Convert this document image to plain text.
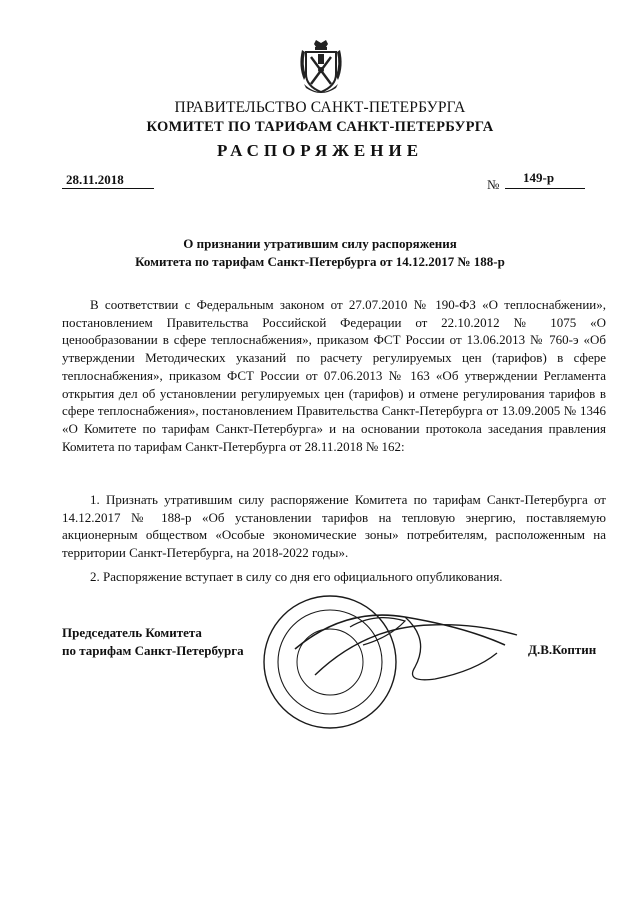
ПРАВИТЕЛЬСТВО САНКТ-ПЕТЕРБУРГА
КОМИТЕТ ПО ТАРИФАМ САНКТ-ПЕТЕРБУРГА
РАСПОРЯЖЕНИЕ
28.11.2018	№ 149-р
О признании утратившим силу распоряжения
Комитета по тарифам Санкт-Петербурга от 14.12.2017 № 188-р
В соответствии с Федеральным законом от 27.07.2010 № 190-ФЗ «О теплоснабжении», постановлением Правительства Российской Федерации от 22.10.2012 № 1075 «О ценообразовании в сфере теплоснабжения», приказом ФСТ России от 13.06.2013 № 760-э «Об утверждении Методических указаний по расчету регулируемых цен (тарифов) в сфере теплоснабжения», приказом ФСТ России от 07.06.2013 № 163 «Об утверждении Регламента открытия дел об установлении регулируемых цен (тарифов) и отмене регулирования тарифов в сфере теплоснабжения», постановлением Правительства Санкт-Петербурга от 13.09.2005 № 1346 «О Комитете по тарифам Санкт-Петербурга» и на основании протокола заседания правления Комитета по тарифам Санкт-Петербурга от 28.11.2018 № 162:
1. Признать утратившим силу распоряжение Комитета по тарифам Санкт-Петербурга от 14.12.2017 № 188-р «Об установлении тарифов на тепловую энергию, поставляемую акционерным обществом «Особые экономические зоны» потребителям, расположенным на территории Санкт-Петербурга, на 2018-2022 годы».
2. Распоряжение вступает в силу со дня его официального опубликования.
Председатель Комитета
по тарифам Санкт-Петербурга	Д.В.Коптин
